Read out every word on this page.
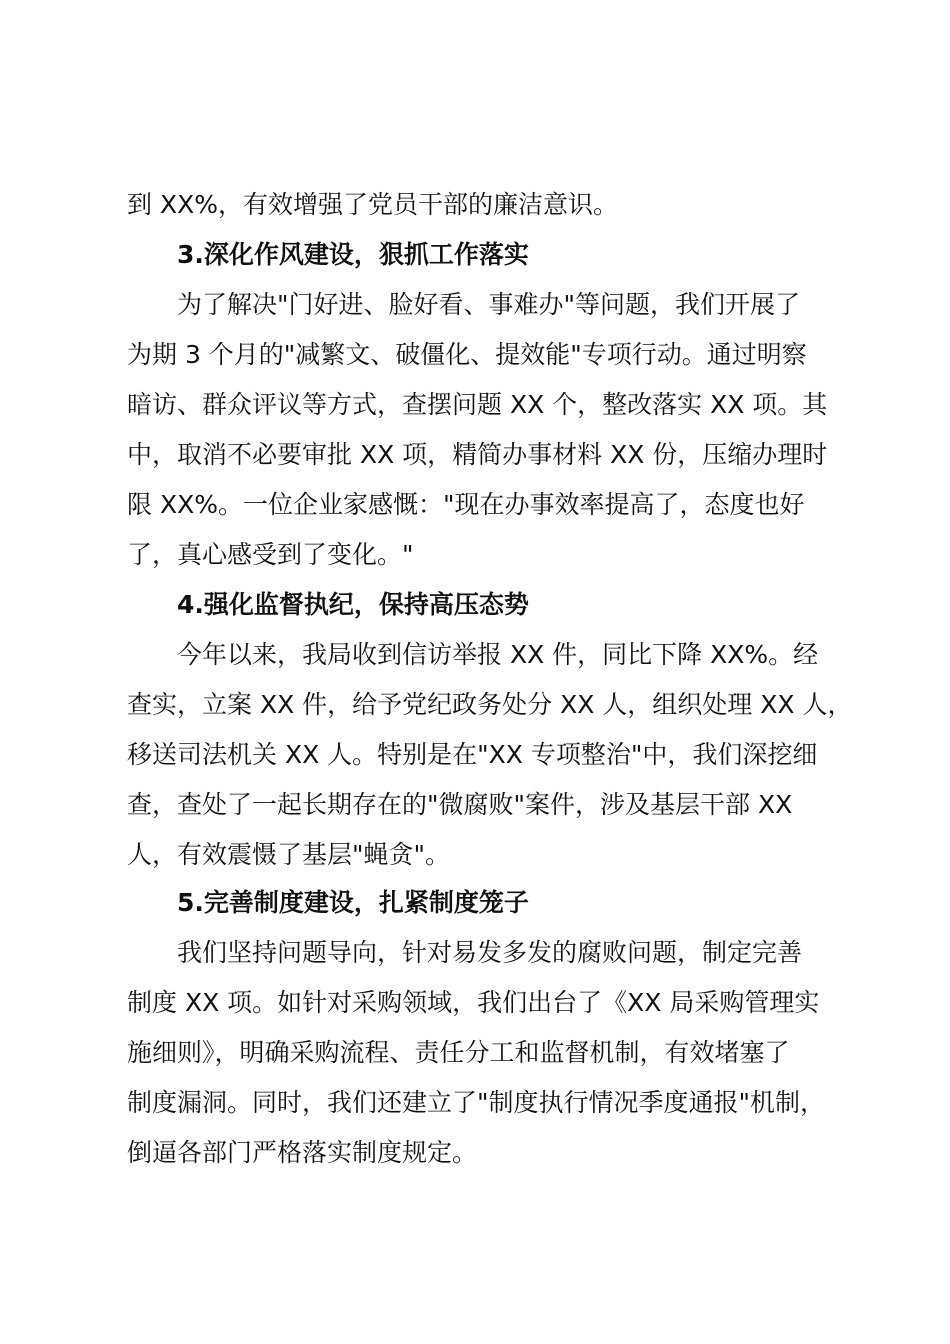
到 XX%，有效增强了党员干部的廉洁意识。

3.深化作风建设，狠抓工作落实

为了解决"门好进、脸好看、事难办"等问题，我们开展了

为期 3 个月的"减繁文、破僵化、提效能"专项行动。通过明察

暗访、群众评议等方式，查摆问题 XX 个，整改落实 XX 项。其

中，取消不必要审批 XX 项，精简办事材料 XX 份，压缩办理时

限 XX%。一位企业家感慨："现在办事效率提高了，态度也好

了，真心感受到了变化。"

4.强化监督执纪，保持高压态势

今年以来，我局收到信访举报 XX 件，同比下降 XX%。经

查实，立案 XX 件，给予党纪政务处分 XX 人，组织处理 XX 人，

移送司法机关 XX 人。特别是在"XX 专项整治"中，我们深挖细

查，查处了一起长期存在的"微腐败"案件，涉及基层干部 XX

人，有效震慑了基层"蝇贪"。

5.完善制度建设，扎紧制度笼子

我们坚持问题导向，针对易发多发的腐败问题，制定完善

制度 XX 项。如针对采购领域，我们出台了《XX 局采购管理实

施细则》，明确采购流程、责任分工和监督机制，有效堵塞了

制度漏洞。同时，我们还建立了"制度执行情况季度通报"机制，

倒逼各部门严格落实制度规定。
